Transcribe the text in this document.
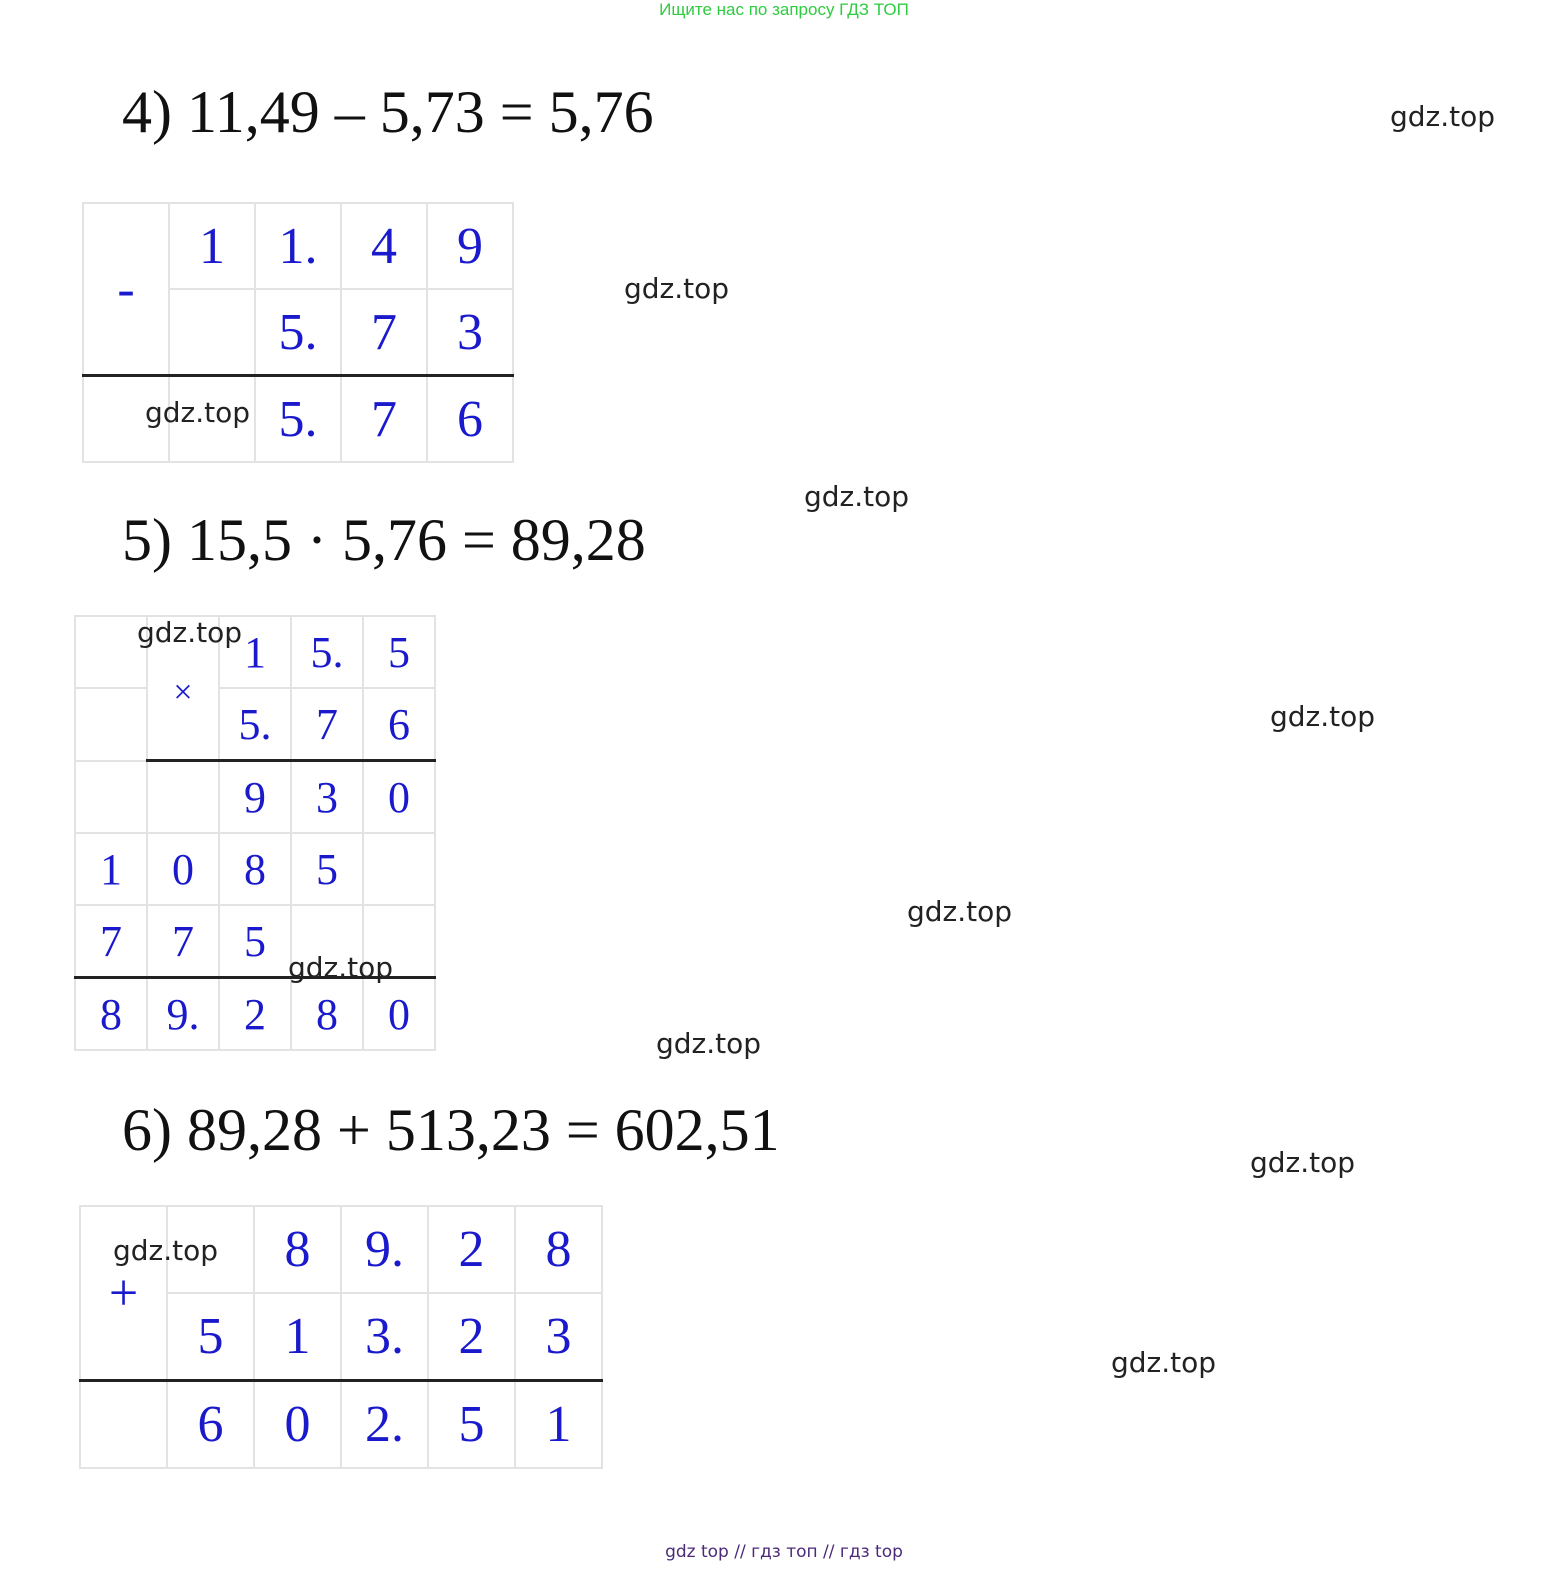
Ищите нас по запросу ГДЗ ТОП
4) 11,49 – 5,73 = 5,76
-	1	1.	4	9
		5.	7	3
		5.	7	6
5) 15,5 · 5,76 = 89,28
	×	1	5.	5
		5.	7	6
		9	3	0
1	0	8	5	
7	7	5		
8	9.	2	8	0
6) 89,28 + 513,23 = 602,51
+		8	9.	2	8
	5	1	3.	2	3
	6	0	2.	5	1
gdz.top
gdz.top
gdz.top
gdz.top
gdz.top
gdz.top
gdz.top
gdz.top
gdz.top
gdz.top
gdz.top
gdz.top
gdz top // гдз топ // гдз top
